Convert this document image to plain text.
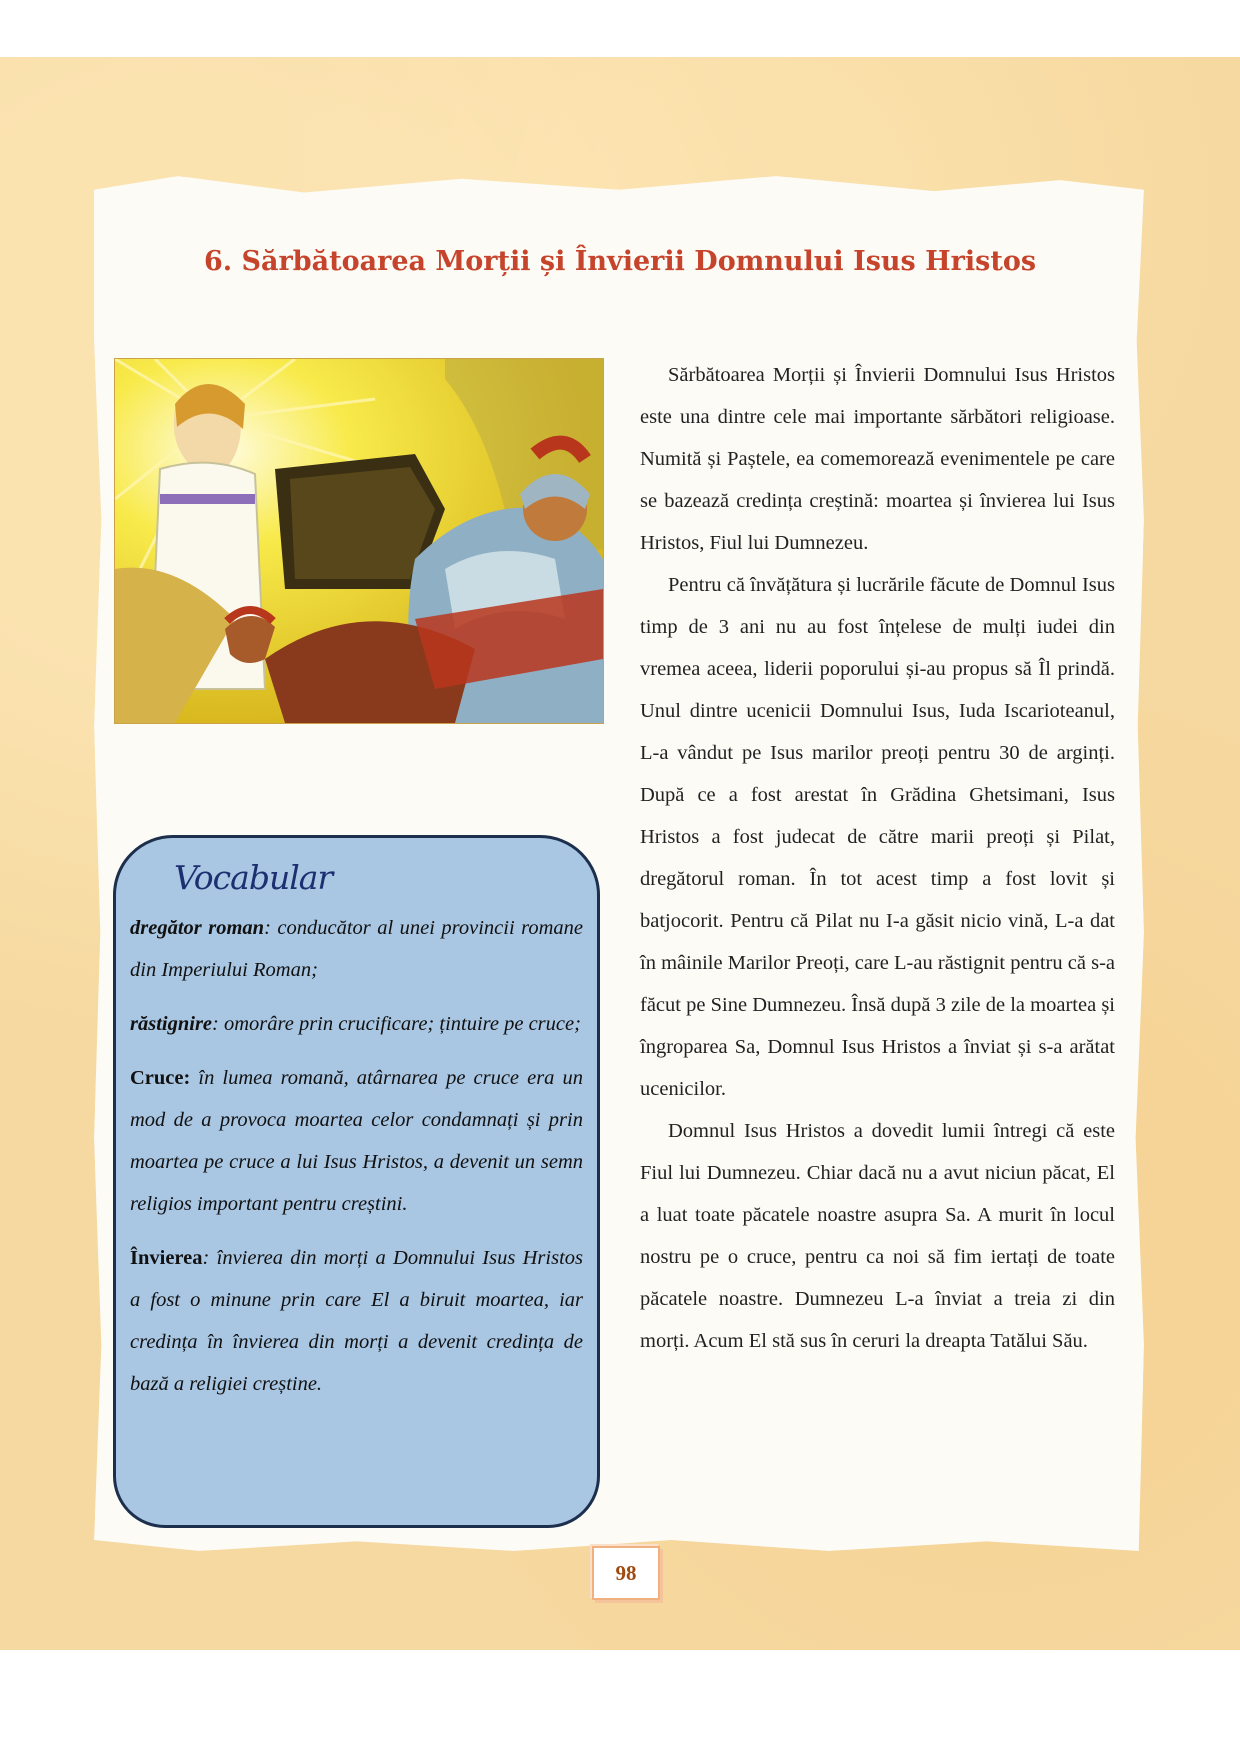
6. Sărbătoarea Morții și Învierii Domnului Isus Hristos

Sărbătoarea Morții și Învierii Domnului Isus Hristos este una dintre cele mai importante sărbători religioase. Numită și Paștele, ea comemorează evenimentele pe care se bazează credința creștină: moartea și învierea lui Isus Hristos, Fiul lui Dumnezeu.

Pentru că învățătura și lucrările făcute de Domnul Isus timp de 3 ani nu au fost înțelese de mulți iudei din vremea aceea, liderii poporului și-au propus să Îl prindă. Unul dintre ucenicii Domnului Isus, Iuda Iscarioteanul, L-a vândut pe Isus marilor preoți pentru 30 de arginți. După ce a fost arestat în Grădina Ghetsimani, Isus Hristos a fost judecat de către marii preoți și Pilat, dregătorul roman. În tot acest timp a fost lovit și batjocorit. Pentru că Pilat nu I-a găsit nicio vină, L-a dat în mâinile Marilor Preoți, care L-au răstignit pentru că s-a făcut pe Sine Dumnezeu. Însă după 3 zile de la moartea și îngroparea Sa, Domnul Isus Hristos a înviat și s-a arătat ucenicilor.

Domnul Isus Hristos a dovedit lumii întregi că este Fiul lui Dumnezeu. Chiar dacă nu a avut niciun păcat, El a luat toate păcatele noastre asupra Sa. A murit în locul nostru pe o cruce, pentru ca noi să fim iertați de toate păcatele noastre. Dumnezeu L-a înviat a treia zi din morți. Acum El stă sus în ceruri la dreapta Tatălui Său.

Vocabular
dregător roman: conducător al unei provincii romane din Imperiului Roman;
răstignire: omorâre prin crucificare; țintuire pe cruce;
Cruce: în lumea romană, atârnarea pe cruce era un mod de a provoca moartea celor condamnați și prin moartea pe cruce a lui Isus Hristos, a devenit un semn religios important pentru creștini.
Învierea: învierea din morți a Domnului Isus Hristos a fost o minune prin care El a biruit moartea, iar credința în învierea din morți a devenit credința de bază a religiei creștine.
98
